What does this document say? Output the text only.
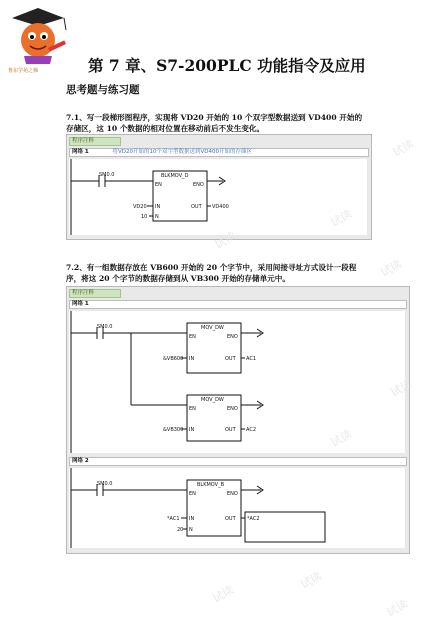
鲁东学苑之梯	第 7 章、S7-200PLC 功能指令及应用
思考题与练习题
7.1、写一段梯形图程序，实现将 VD20 开始的 10 个双字型数据送到 VD400 开始的存储区，这 10 个数据的相对位置在移动前后不发生变化。
程序注释
网络 1	将VD20开始的10个双字型数据送到VD400开始的存储区
SM0.0	BLKMOV_D
EN	ENO
IN	OUT
N
VD20	VD400
10
7.2、有一组数据存放在 VB600 开始的 20 个字节中，采用间接寻址方式设计一段程序，将这 20 个字节的数据存储到从 VB300 开始的存储单元中。
程序注释
网络 1
SM0.0	MOV_DW
EN	ENO
IN	OUT
&VB600	AC1
MOV_DW
EN	ENO
IN	OUT
&VB300	AC2
网络 2
SM0.0	BLKMOV_B
EN	ENO
IN	OUT
N
*AC1
20
*AC2
试读
试读
试读
试读
试读
试读
试读
试读
试读
